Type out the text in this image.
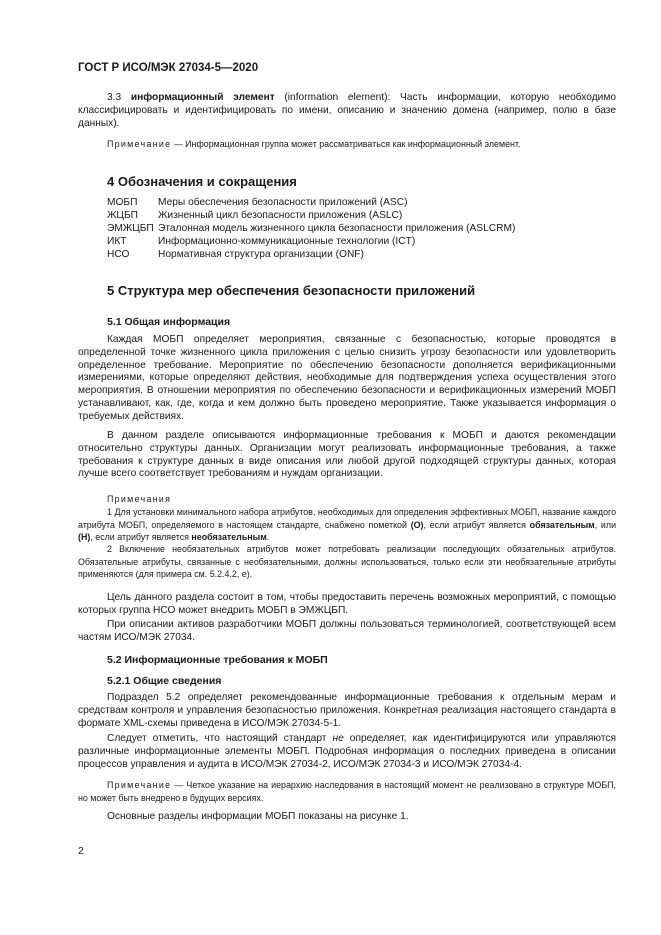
ГОСТ Р ИСО/МЭК 27034-5—2020
3.3 информационный элемент (information element): Часть информации, которую необходимо классифицировать и идентифицировать по имени, описанию и значению домена (например, полю в базе данных).
Примечание — Информационная группа может рассматриваться как информационный элемент.
4 Обозначения и сокращения
МОБП Меры обеспечения безопасности приложений (ASC)
ЖЦБП Жизненный цикл безопасности приложения (ASLC)
ЭМЖЦБП Эталонная модель жизненного цикла безопасности приложения (ASLCRM)
ИКТ	Информационно-коммуникационные технологии (ICT)
НСО	Нормативная структура организации (ONF)
5 Структура мер обеспечения безопасности приложений
5.1 Общая информация
Каждая МОБП определяет мероприятия, связанные с безопасностью, которые проводятся в определенной точке жизненного цикла приложения с целью снизить угрозу безопасности или удовлетворить определенное требование. Мероприятие по обеспечению безопасности дополняется верификационными измерениями, которые определяют действия, необходимые для подтверждения успеха осуществления этого мероприятия. В отношении мероприятия по обеспечению безопасности и верификационных измерений МОБП устанавливают, как, где, когда и кем должно быть проведено мероприятие. Также указывается информация о требуемых действиях.
В данном разделе описываются информационные требования к МОБП и даются рекомендации относительно структуры данных. Организации могут реализовать информационные требования, а также требования к структуре данных в виде описания или любой другой подходящей структуры данных, которая лучше всего соответствует требованиям и нуждам организации.
Примечания
1 Для установки минимального набора атрибутов, необходимых для определения эффективных МОБП, название каждого атрибута МОБП, определяемого в настоящем стандарте, снабжено пометкой (О), если атрибут является обязательным, или (Н), если атрибут является необязательным.
2 Включение необязательных атрибутов может потребовать реализации последующих обязательных атрибутов. Обязательные атрибуты, связанные с необязательными, должны использоваться, только если эти необязательные атрибуты применяются (для примера см. 5.2.4.2, е).
Цель данного раздела состоит в том, чтобы предоставить перечень возможных мероприятий, с помощью которых группа НСО может внедрить МОБП в ЭМЖЦБП.
При описании активов разработчики МОБП должны пользоваться терминологией, соответствующей всем частям ИСО/МЭК 27034.
5.2 Информационные требования к МОБП
5.2.1 Общие сведения
Подраздел 5.2 определяет рекомендованные информационные требования к отдельным мерам и средствам контроля и управления безопасностью приложения. Конкретная реализация настоящего стандарта в формате XML-схемы приведена в ИСО/МЭК 27034-5-1.
Следует отметить, что настоящий стандарт не определяет, как идентифицируются или управляются различные информационные элементы МОБП. Подробная информация о последних приведена в описании процессов управления и аудита в ИСО/МЭК 27034-2, ИСО/МЭК 27034-3 и ИСО/МЭК 27034-4.
Примечание — Четкое указание на иерархию наследования в настоящий момент не реализовано в структуре МОБП, но может быть внедрено в будущих версиях.
Основные разделы информации МОБП показаны на рисунке 1.
2
